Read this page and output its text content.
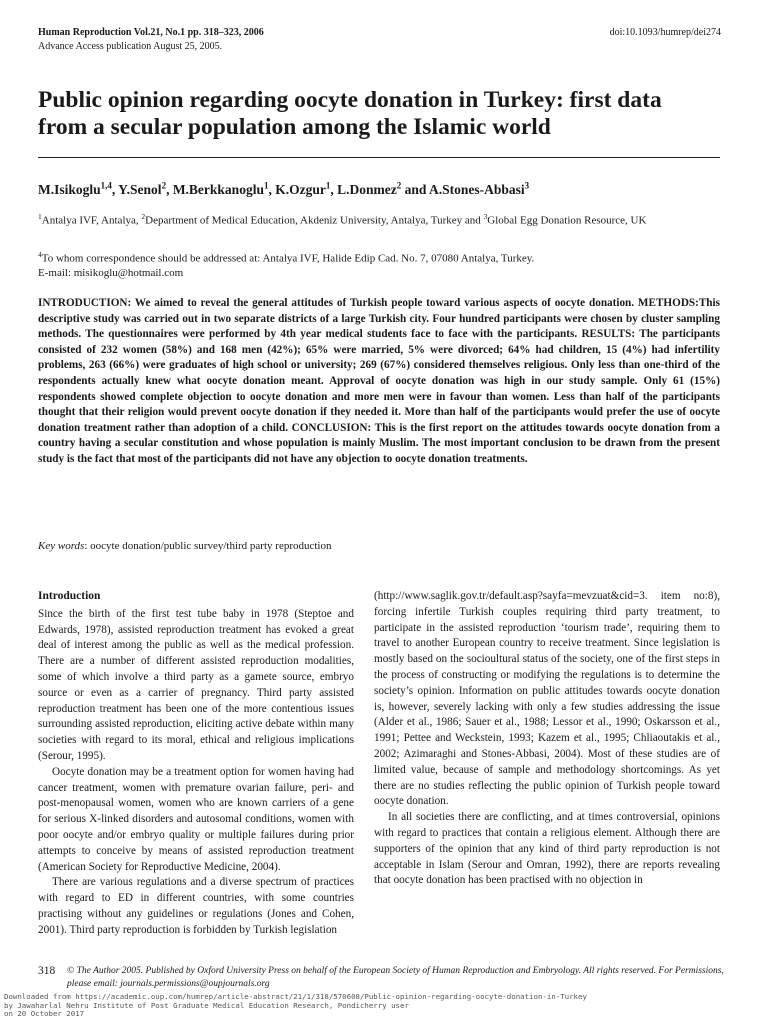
Human Reproduction Vol.21, No.1 pp. 318–323, 2006
Advance Access publication August 25, 2005.
doi:10.1093/humrep/dei274
Public opinion regarding oocyte donation in Turkey: first data from a secular population among the Islamic world
M.Isikoglu$^{1,4}$, Y.Senol$^2$, M.Berkkanoglu$^1$, K.Ozgur$^1$, L.Donmez$^2$ and A.Stones-Abbasi$^3$
$^1$Antalya IVF, Antalya, $^2$Department of Medical Education, Akdeniz University, Antalya, Turkey and $^3$Global Egg Donation Resource, UK
$^4$To whom correspondence should be addressed at: Antalya IVF, Halide Edip Cad. No. 7, 07080 Antalya, Turkey.
E-mail: misikoglu@hotmail.com
INTRODUCTION: We aimed to reveal the general attitudes of Turkish people toward various aspects of oocyte donation. METHODS:This descriptive study was carried out in two separate districts of a large Turkish city. Four hundred participants were chosen by cluster sampling methods. The questionnaires were performed by 4th year medical students face to face with the participants. RESULTS: The participants consisted of 232 women (58%) and 168 men (42%); 65% were married, 5% were divorced; 64% had children, 15 (4%) had infertility problems, 263 (66%) were graduates of high school or university; 269 (67%) considered themselves religious. Only less than one-third of the respondents actually knew what oocyte donation meant. Approval of oocyte donation was high in our study sample. Only 61 (15%) respondents showed complete objection to oocyte donation and more men were in favour than women. Less than half of the participants thought that their religion would prevent oocyte donation if they needed it. More than half of the participants would prefer the use of oocyte donation treatment rather than adoption of a child. CONCLUSION: This is the first report on the attitudes towards oocyte donation from a country having a secular constitution and whose population is mainly Muslim. The most important conclusion to be drawn from the present study is the fact that most of the participants did not have any objection to oocyte donation treatments.
Key words: oocyte donation/public survey/third party reproduction
Introduction

Since the birth of the first test tube baby in 1978 (Steptoe and Edwards, 1978), assisted reproduction treatment has evoked a great deal of interest among the public as well as the medical profession. There are a number of different assisted reproduction modalities, some of which involve a third party as a gamete source, embryo source or even as a carrier of pregnancy. Third party assisted reproduction treatment has been one of the more contentious issues surrounding assisted reproduction, eliciting active debate within many societies with regard to its moral, ethical and religious implications (Serour, 1995).

Oocyte donation may be a treatment option for women having had cancer treatment, women with premature ovarian failure, peri- and post-menopausal women, women who are known carriers of a gene for serious X-linked disorders and autosomal conditions, women with poor oocyte and/or embryo quality or multiple failures during prior attempts to conceive by means of assisted reproduction treatment (American Society for Reproductive Medicine, 2004).

There are various regulations and a diverse spectrum of practices with regard to ED in different countries, with some countries practising without any guidelines or regulations (Jones and Cohen, 2001). Third party reproduction is forbidden by Turkish legislation

(http://www.saglik.gov.tr/default.asp?sayfa=mevzuat&cid=3. item no:8), forcing infertile Turkish couples requiring third party treatment, to participate in the assisted reproduction ‘tourism trade’, requiring them to travel to another European country to receive treatment. Since legislation is mostly based on the socioultural status of the society, one of the first steps in the process of constructing or modifying the regulations is to determine the society’s opinion. Information on public attitudes towards oocyte donation is, however, severely lacking with only a few studies addressing the issue (Alder et al., 1986; Sauer et al., 1988; Lessor et al., 1990; Oskarsson et al., 1991; Pettee and Weckstein, 1993; Kazem et al., 1995; Chliaoutakis et al., 2002; Azimaraghi and Stones-Abbasi, 2004). Most of these studies are of limited value, because of sample and methodology shortcomings. As yet there are no studies reflecting the public opinion of Turkish people toward oocyte donation.

In all societies there are conflicting, and at times controversial, opinions with regard to practices that contain a religious element. Although there are supporters of the opinion that any kind of third party reproduction is not acceptable in Islam (Serour and Omran, 1992), there are reports revealing that oocyte donation has been practised with no objection in

318 © The Author 2005. Published by Oxford University Press on behalf of the European Society of Human Reproduction and Embryology. All rights reserved. For Permissions, please email: journals.permissions@oupjournals.org
Downloaded from https://academic.oup.com/humrep/article-abstract/21/1/318/570608/Public-opinion-regarding-oocyte-donation-in-Turkey
by Jawaharlal Nehru Institute of Post Graduate Medical Education Research, Pondicherry user
on 20 October 2017
